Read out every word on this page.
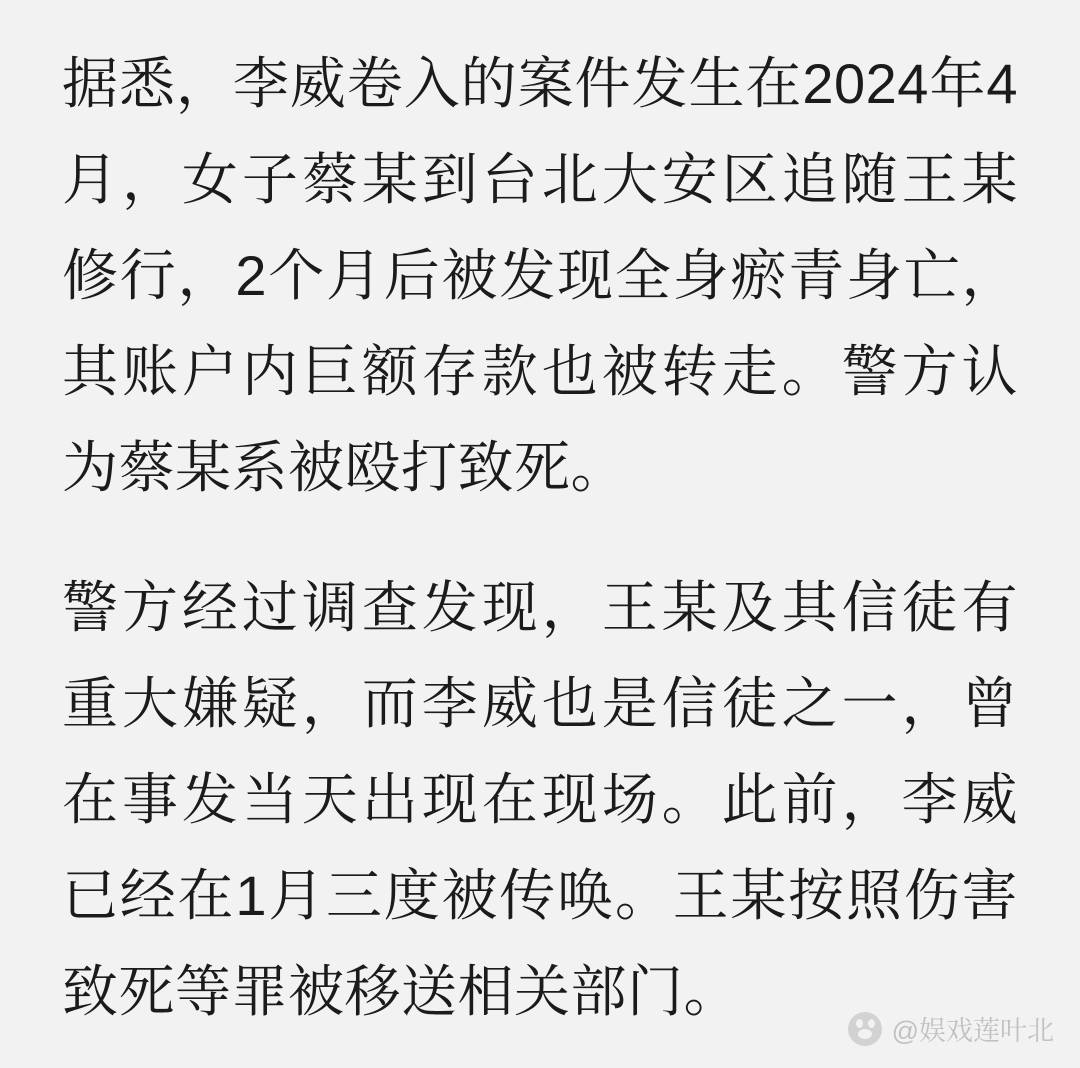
据悉，李威卷入的案件发生在2024年4月，女子蔡某到台北大安区追随王某修行，2个月后被发现全身瘀青身亡，其账户内巨额存款也被转走。警方认为蔡某系被殴打致死。

警方经过调查发现，王某及其信徒有重大嫌疑，而李威也是信徒之一，曾在事发当天出现在现场。此前，李威已经在1月三度被传唤。王某按照伤害致死等罪被移送相关部门。

@娱戏莲叶北
